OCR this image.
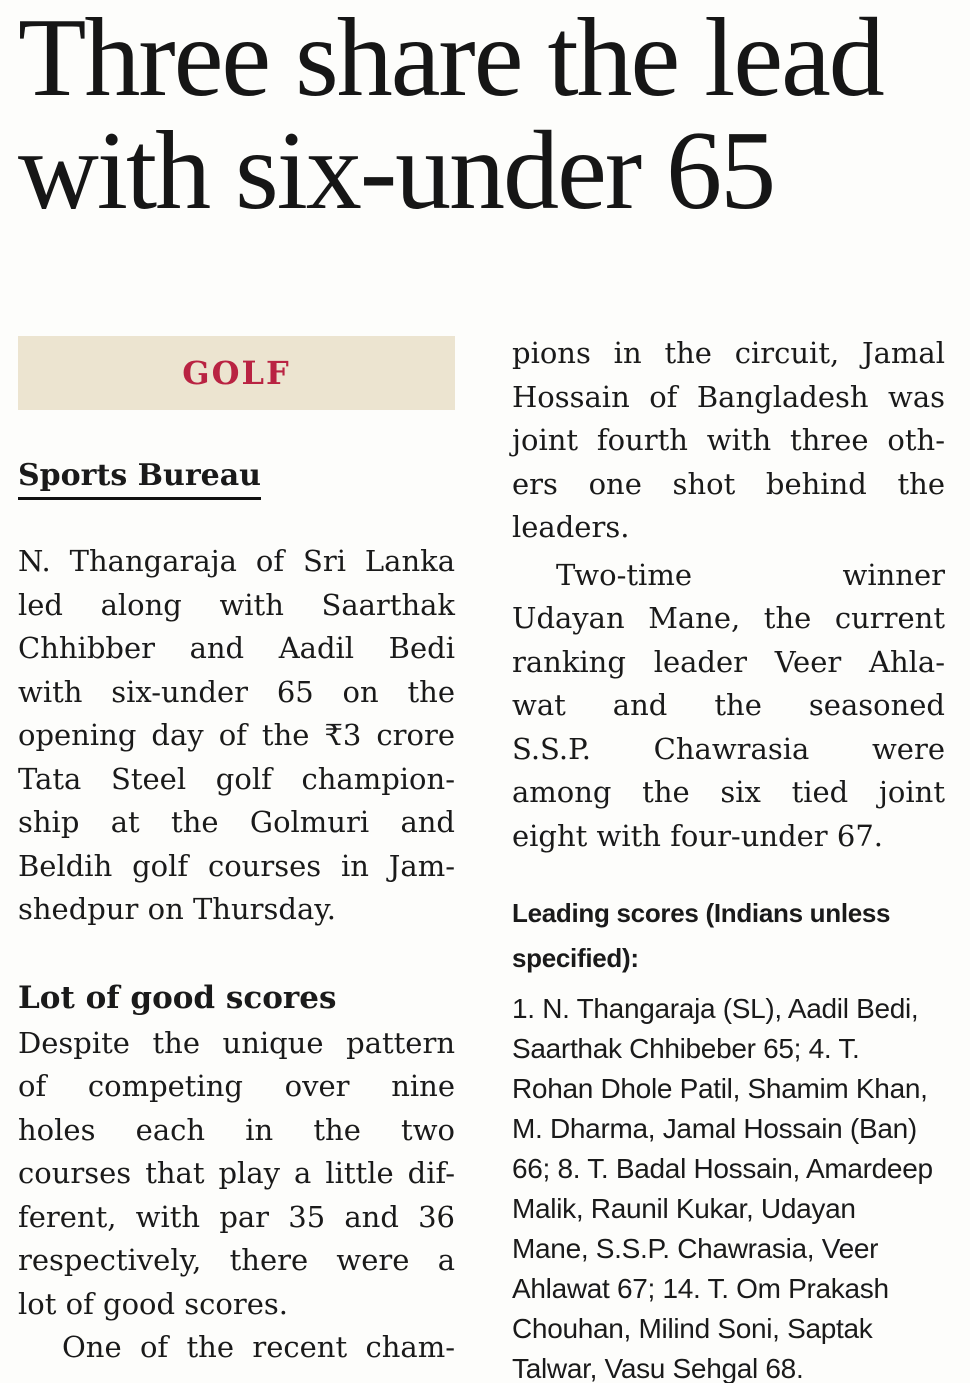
Three share the lead
with six-under 65
GOLF
Sports Bureau
N. Thangaraja of Sri Lanka
led along with Saarthak
Chhibber and Aadil Bedi
with six-under 65 on the
opening day of the ₹3 crore
Tata Steel golf champion-
ship at the Golmuri and
Beldih golf courses in Jam-
shedpur on Thursday.
Lot of good scores
Despite the unique pattern
of competing over nine
holes each in the two
courses that play a little dif-
ferent, with par 35 and 36
respectively, there were a
lot of good scores.
One of the recent cham-
pions in the circuit, Jamal
Hossain of Bangladesh was
joint fourth with three oth-
ers one shot behind the
leaders.
Two-time winner
Udayan Mane, the current
ranking leader Veer Ahla-
wat and the seasoned
S.S.P. Chawrasia were
among the six tied joint
eight with four-under 67.
Leading scores (Indians unless
specified):
1. N. Thangaraja (SL), Aadil Bedi,
Saarthak Chhibeber 65; 4. T.
Rohan Dhole Patil, Shamim Khan,
M. Dharma, Jamal Hossain (Ban)
66; 8. T. Badal Hossain, Amardeep
Malik, Raunil Kukar, Udayan
Mane, S.S.P. Chawrasia, Veer
Ahlawat 67; 14. T. Om Prakash
Chouhan, Milind Soni, Saptak
Talwar, Vasu Sehgal 68.
